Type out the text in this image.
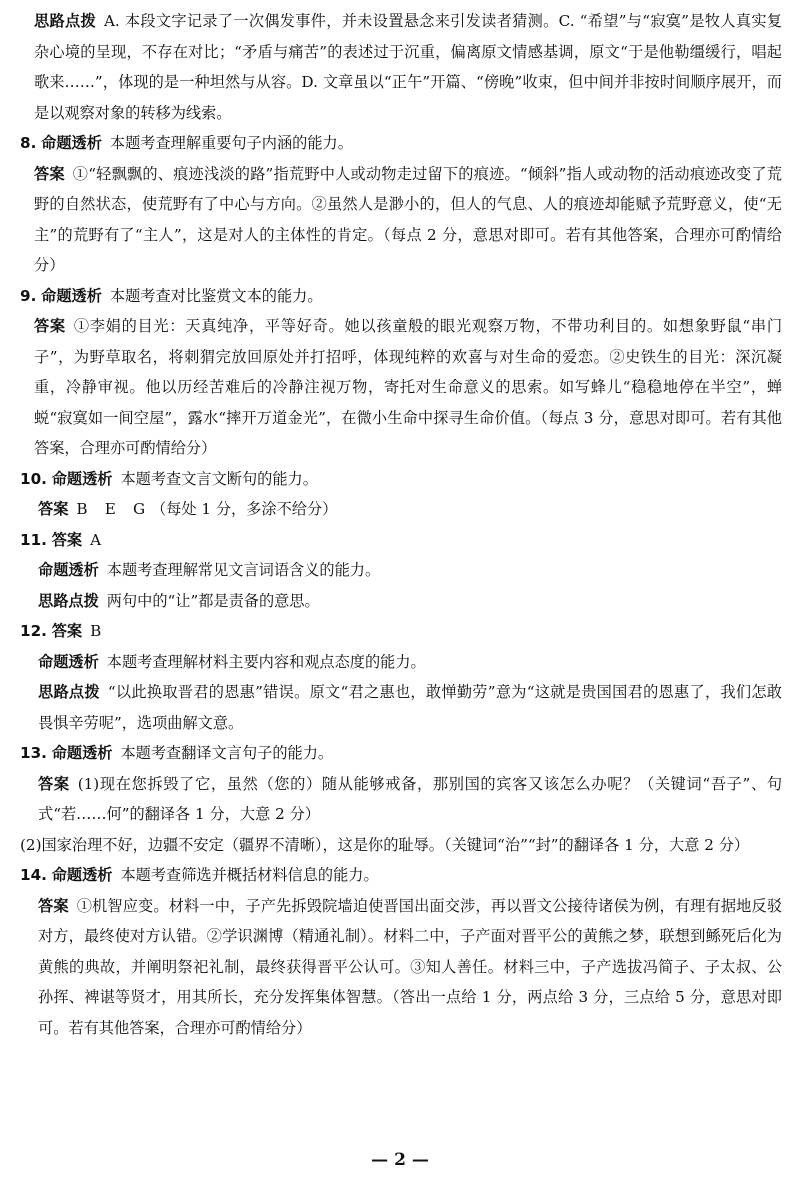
思路点拨 A. 本段文字记录了一次偶发事件，并未设置悬念来引发读者猜测。C. “希望”与“寂寞”是牧人真实复杂心境的呈现，不存在对比；“矛盾与痛苦”的表述过于沉重，偏离原文情感基调，原文“于是他勒缰缓行，唱起歌来……”，体现的是一种坦然与从容。D. 文章虽以“正午”开篇、“傍晚”收束，但中间并非按时间顺序展开，而是以观察对象的转移为线索。

8. 命题透析 本题考查理解重要句子内涵的能力。

答案 ①“轻飘飘的、痕迹浅淡的路”指荒野中人或动物走过留下的痕迹。“倾斜”指人或动物的活动痕迹改变了荒野的自然状态，使荒野有了中心与方向。②虽然人是渺小的，但人的气息、人的痕迹却能赋予荒野意义，使“无主”的荒野有了“主人”，这是对人的主体性的肯定。（每点 2 分，意思对即可。若有其他答案，合理亦可酌情给分）

9. 命题透析 本题考查对比鉴赏文本的能力。

答案 ①李娟的目光：天真纯净，平等好奇。她以孩童般的眼光观察万物，不带功利目的。如想象野鼠“串门子”，为野草取名，将刺猬完放回原处并打招呼，体现纯粹的欢喜与对生命的爱恋。②史铁生的目光：深沉凝重，冷静审视。他以历经苦难后的冷静注视万物，寄托对生命意义的思索。如写蜂儿“稳稳地停在半空”，蝉蜕“寂寞如一间空屋”，露水“摔开万道金光”，在微小生命中探寻生命价值。（每点 3 分，意思对即可。若有其他答案，合理亦可酌情给分）

10. 命题透析 本题考查文言文断句的能力。

答案 B　E　G （每处 1 分，多涂不给分）

11. 答案 A

命题透析 本题考查理解常见文言词语含义的能力。

思路点拨 两句中的“让”都是责备的意思。

12. 答案 B

命题透析 本题考查理解材料主要内容和观点态度的能力。

思路点拨 “以此换取晋君的恩惠”错误。原文“君之惠也，敢惮勤劳”意为“这就是贵国国君的恩惠了，我们怎敢畏惧辛劳呢”，选项曲解文意。

13. 命题透析 本题考查翻译文言句子的能力。

答案 (1)现在您拆毁了它，虽然（您的）随从能够戒备，那别国的宾客又该怎么办呢？（关键词“吾子”、句式“若……何”的翻译各 1 分，大意 2 分）

(2)国家治理不好，边疆不安定（疆界不清晰），这是你的耻辱。（关键词“治”“封”的翻译各 1 分，大意 2 分）

14. 命题透析 本题考查筛选并概括材料信息的能力。

答案 ①机智应变。材料一中，子产先拆毁院墙迫使晋国出面交涉，再以晋文公接待诸侯为例，有理有据地反驳对方，最终使对方认错。②学识渊博（精通礼制）。材料二中，子产面对晋平公的黄熊之梦，联想到鲧死后化为黄熊的典故，并阐明祭祀礼制，最终获得晋平公认可。③知人善任。材料三中，子产选拔冯简子、子太叔、公孙挥、裨谌等贤才，用其所长，充分发挥集体智慧。（答出一点给 1 分，两点给 3 分，三点给 5 分，意思对即可。若有其他答案，合理亦可酌情给分）

— 2 —
